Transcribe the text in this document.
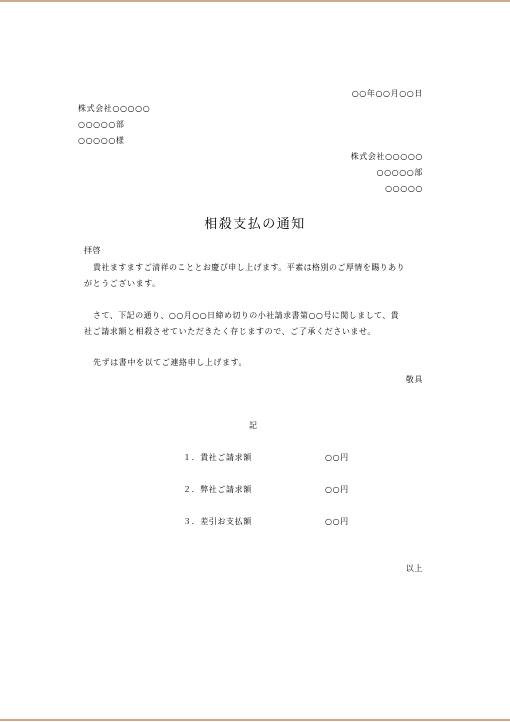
○○年○○月○○日
株式会社○○○○○
○○○○○部
○○○○○様
株式会社○○○○○
○○○○○部
○○○○○
相殺支払の通知
拝啓
貴社ますますご清祥のこととお慶び申し上げます。平素は格別のご厚情を賜りあり
がとうございます。
さて、下記の通り、○○月○○日締め切りの小社請求書第○○号に関しまして、貴
社ご請求額と相殺させていただきたく存じますので、ご了承くださいませ。
先ずは書中を以てご連絡申し上げます。
敬具
記
１．貴社ご請求額	○○円
２．弊社ご請求額	○○円
３．差引お支払額	○○円
以上
